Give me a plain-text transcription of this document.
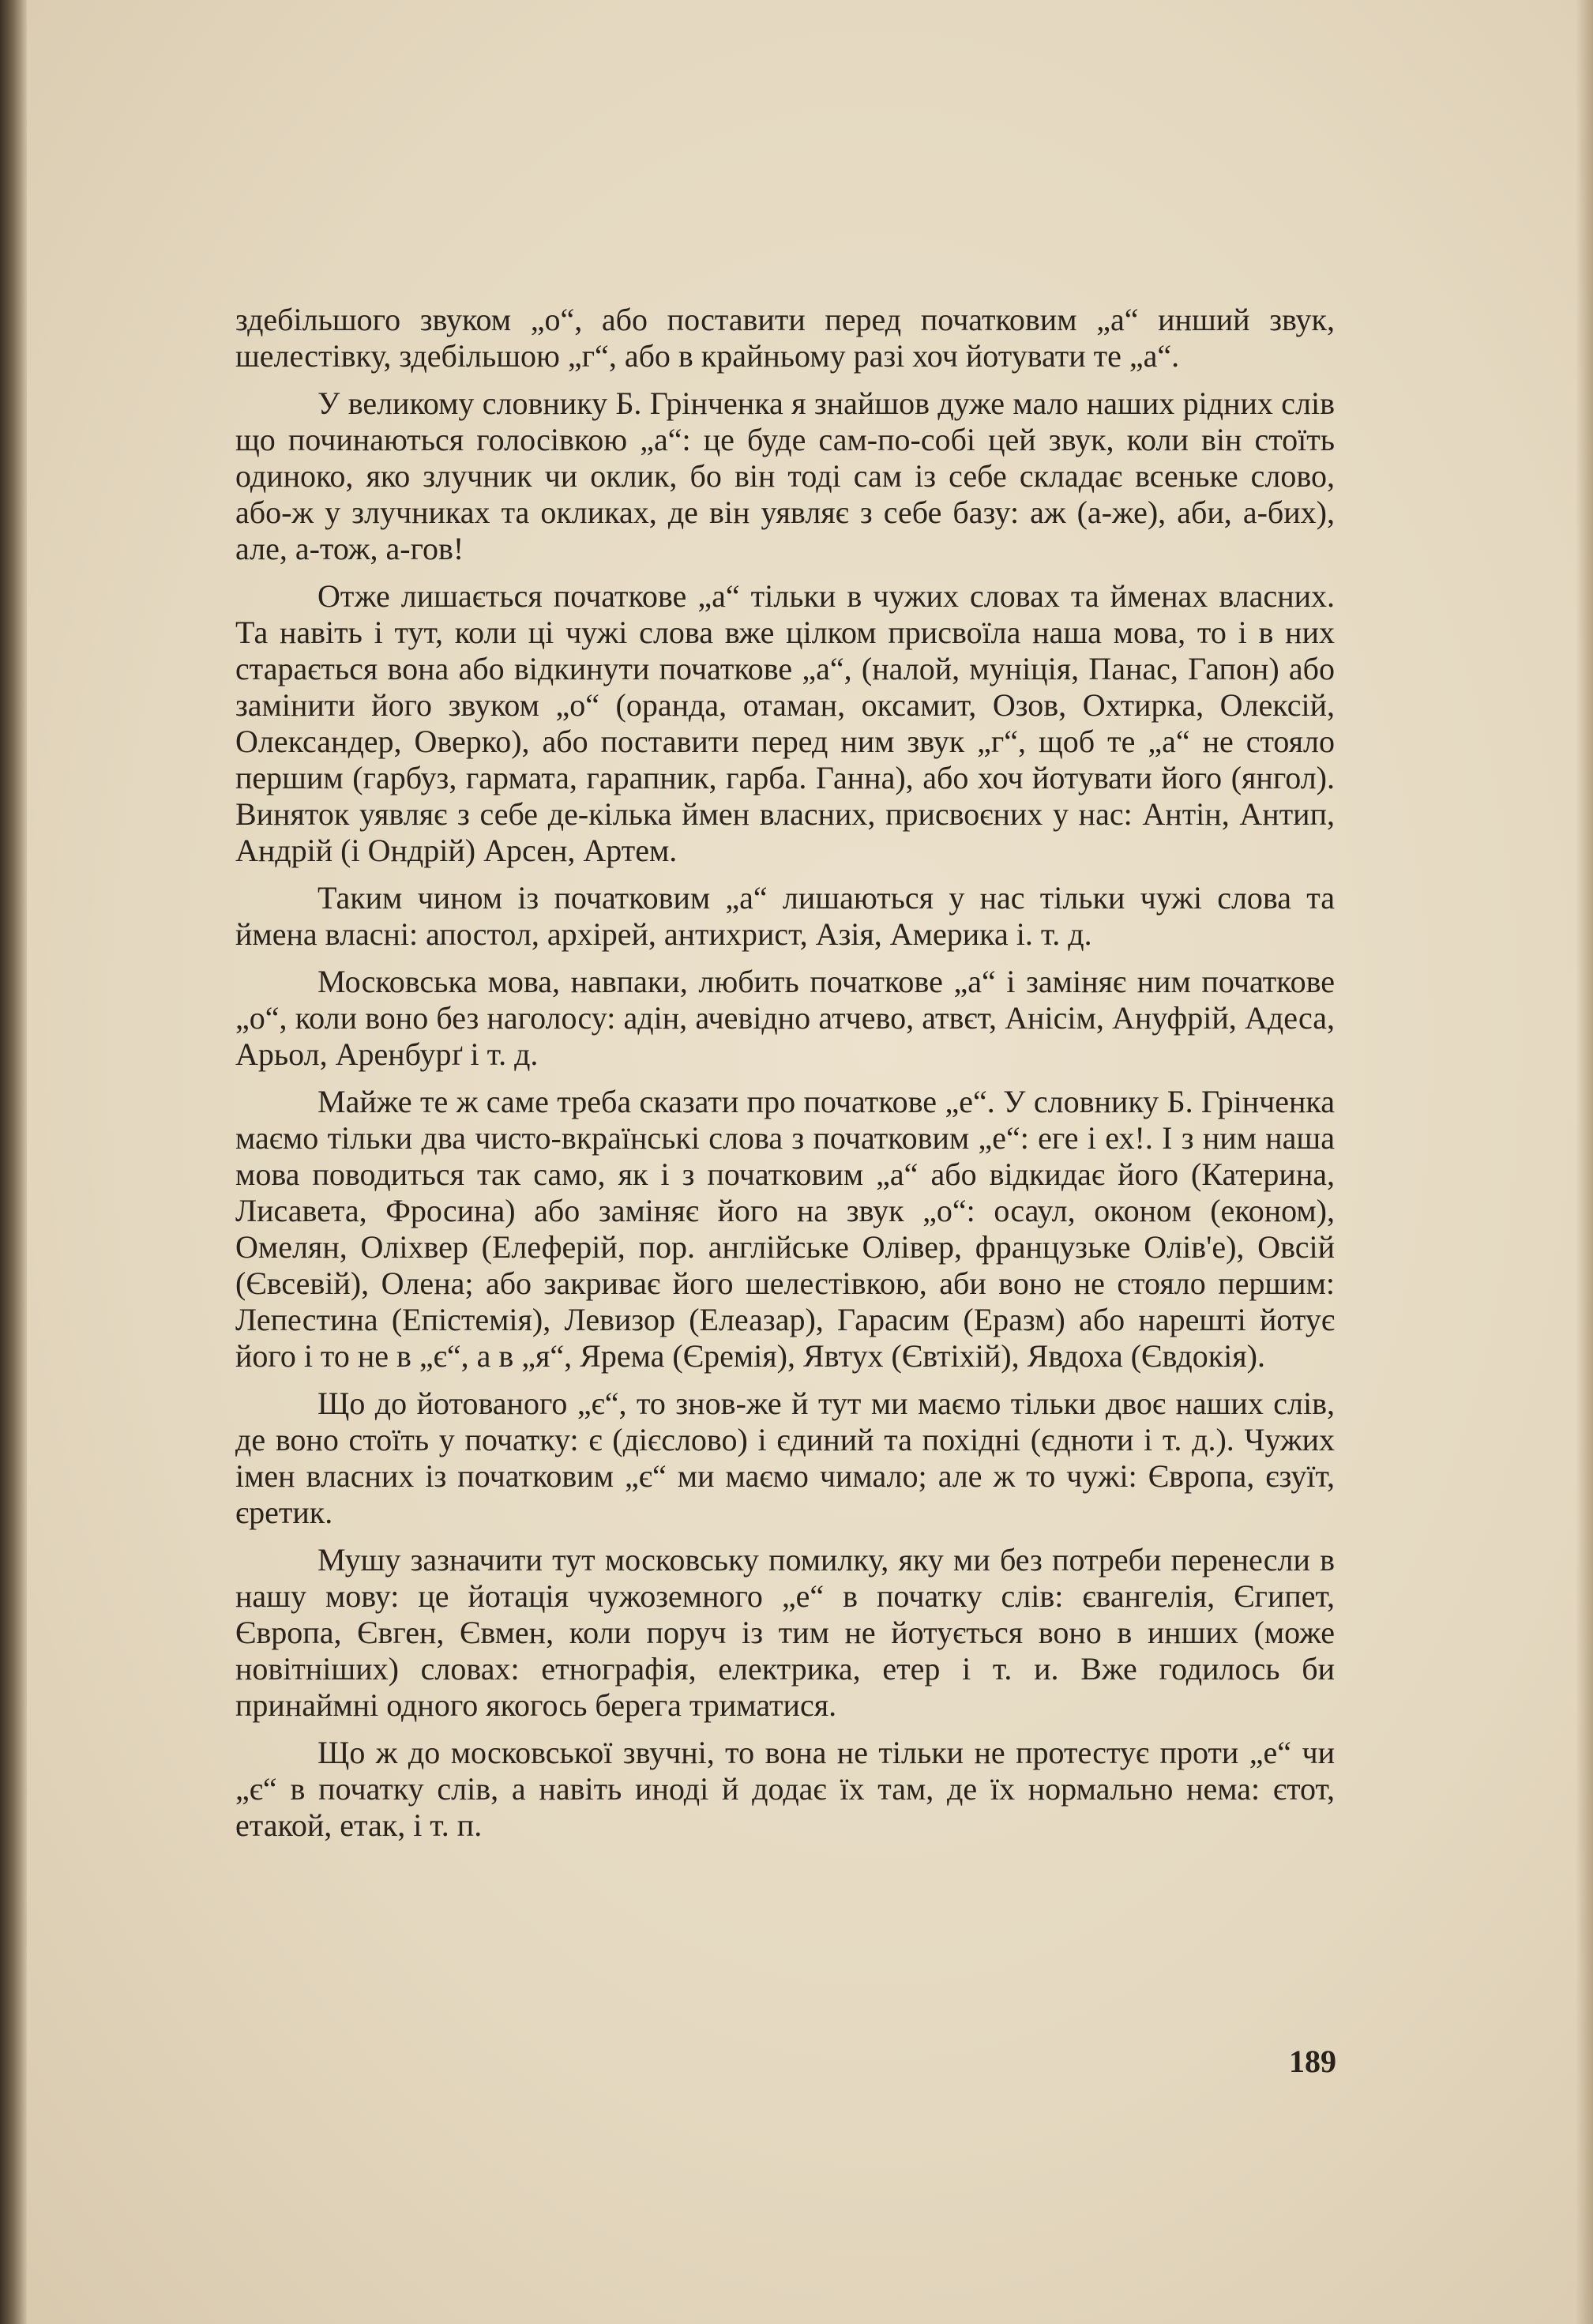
здебільшого звуком „о“, або поставити перед початковим „а“ инший звук, шелестівку, здебільшою „г“, або в крайньому разі хоч йотувати те „а“.

У великому словнику Б. Грінченка я знайшов дуже мало наших рідних слів що починаються голосівкою „а“: це буде сам-по-собі цей звук, коли він стоїть одиноко, яко злучник чи оклик, бо він тоді сам із себе складає всеньке слово, або-ж у злучниках та окликах, де він уявляє з себе базу: аж (а-же), аби, а-бих), але, а-тож, а-гов!

Отже лишається початкове „а“ тільки в чужих словах та йменах власних. Та навіть і тут, коли ці чужі слова вже цілком присвоїла наша мова, то і в них старається вона або відкинути початкове „а“, (налой, муніція, Панас, Гапон) або замінити його звуком „о“ (оранда, отаман, оксамит, Озов, Охтирка, Олексій, Олександер, Оверко), або поставити перед ним звук „г“, щоб те „а“ не стояло першим (гарбуз, гармата, гарапник, гарба. Ганна), або хоч йотувати його (янгол). Виняток уявляє з себе де-кілька ймен власних, присвоєних у нас: Антін, Антип, Андрій (і Ондрій) Арсен, Артем.

Таким чином із початковим „а“ лишаються у нас тільки чужі слова та ймена власні: апостол, архірей, антихрист, Азія, Америка і. т. д.

Московська мова, навпаки, любить початкове „а“ і заміняє ним початкове „о“, коли воно без наголосу: адін, ачевідно атчево, атвєт, Анісім, Ануфрій, Адеса, Арьол, Аренбурґ і т. д.

Майже те ж саме треба сказати про початкове „е“. У словнику Б. Грінченка маємо тільки два чисто-вкраїнські слова з початковим „е“: еге і ех!. І з ним наша мова поводиться так само, як і з початковим „а“ або відкидає його (Катерина, Лисавета, Фросина) або заміняє його на звук „о“: осаул, оконом (економ), Омелян, Оліхвер (Елеферій, пор. англійське Олівер, французьке Олів'е), Овсій (Євсевій), Олена; або закриває його шелестівкою, аби воно не стояло першим: Лепестина (Епістемія), Левизор (Елеазар), Гарасим (Еразм) або нарешті йотує його і то не в „є“, а в „я“, Ярема (Єремія), Явтух (Євтіхій), Явдоха (Євдокія).

Що до йотованого „є“, то знов-же й тут ми маємо тільки двоє наших слів, де воно стоїть у початку: є (дієслово) і єдиний та похідні (єдноти і т. д.). Чужих імен власних із початковим „є“ ми маємо чимало; але ж то чужі: Європа, єзуїт, єретик.

Мушу зазначити тут московську помилку, яку ми без потреби перенесли в нашу мову: це йотація чужоземного „е“ в початку слів: євангелія, Єгипет, Європа, Євген, Євмен, коли поруч із тим не йотується воно в инших (може новітніших) словах: етнографія, електрика, етер і т. и. Вже годилось би принаймні одного якогось берега триматися.

Що ж до московської звучні, то вона не тільки не протестує проти „е“ чи „є“ в початку слів, а навіть иноді й додає їх там, де їх нормально нема: єтот, етакой, етак, і т. п.

189
